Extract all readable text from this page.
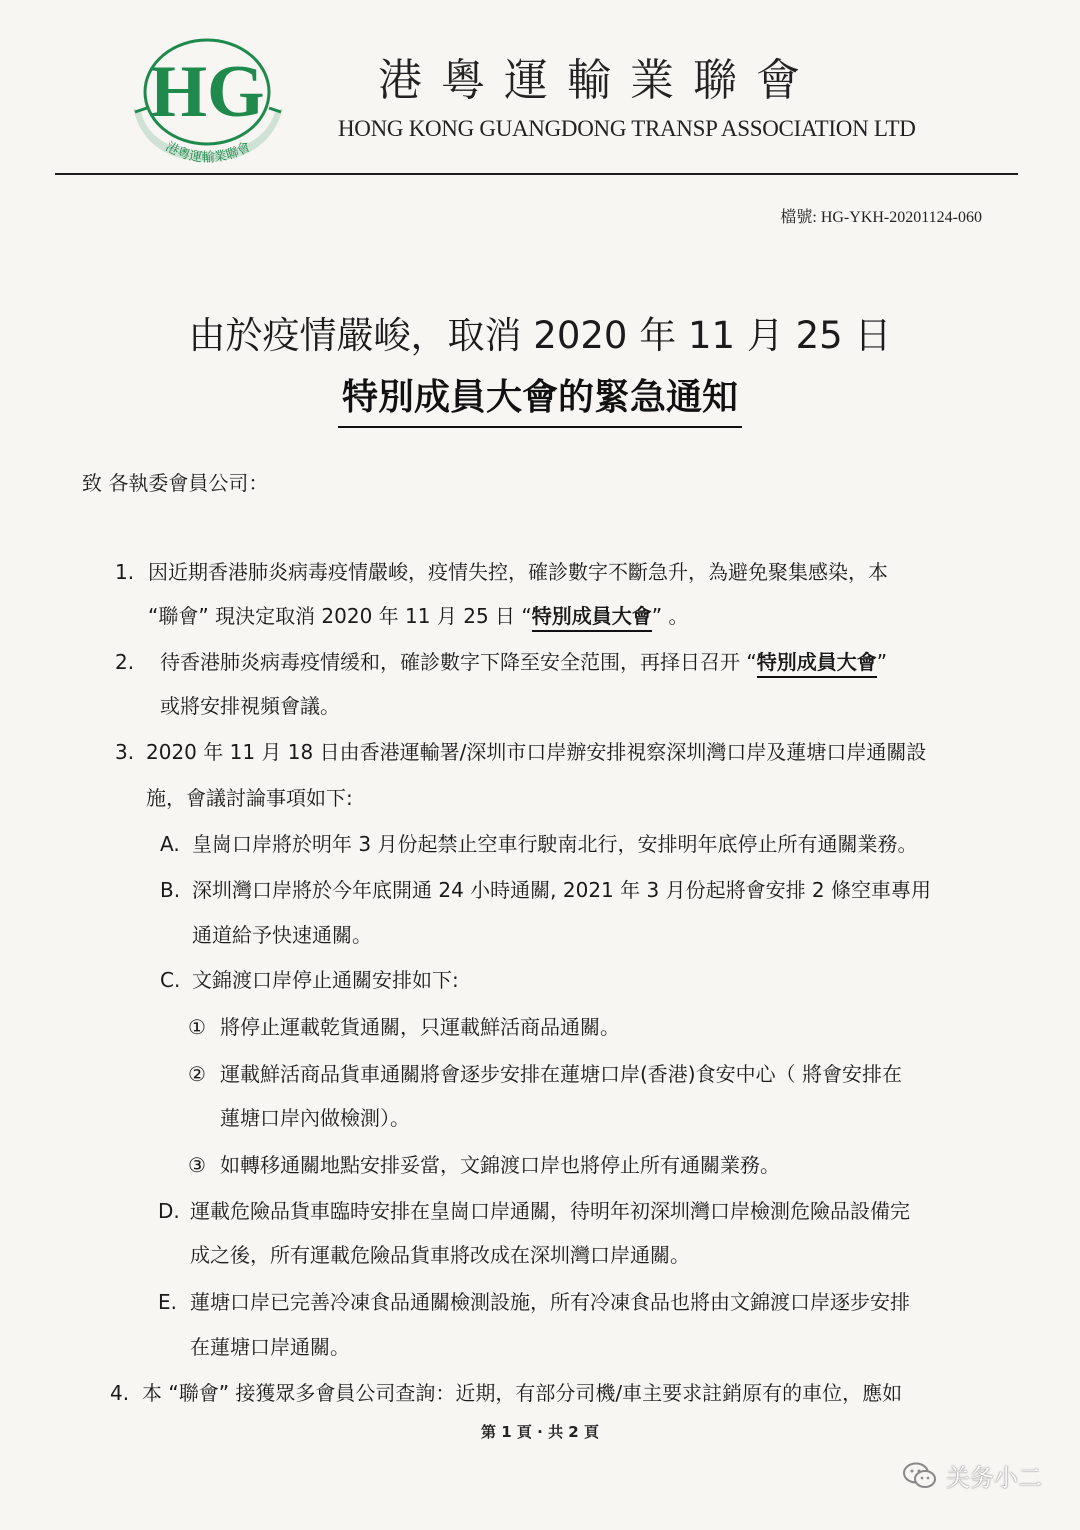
HG
港粵運輸業聯會
港粵運輸業聯會
HONG KONG GUANGDONG TRANSP ASSOCIATION LTD
檔號: HG-YKH-20201124-060
由於疫情嚴峻，取消 2020 年 11 月 25 日
特別成員大會的緊急通知
致 各執委會員公司：
1. 因近期香港肺炎病毒疫情嚴峻，疫情失控，確診數字不斷急升，為避免聚集感染，本
“聯會” 現決定取消 2020 年 11 月 25 日 “特別成員大會” 。
2. 待香港肺炎病毒疫情缓和，確診數字下降至安全范围，再择日召开 “特別成員大會”
或將安排視頻會議。
3. 2020 年 11 月 18 日由香港運輸署/深圳市口岸辦安排視察深圳灣口岸及蓮塘口岸通關設
施，會議討論事項如下:
A. 皇崗口岸將於明年 3 月份起禁止空車行駛南北行，安排明年底停止所有通關業務。
B. 深圳灣口岸將於今年底開通 24 小時通關, 2021 年 3 月份起將會安排 2 條空車專用
通道給予快速通關。
C. 文錦渡口岸停止通關安排如下:
① 將停止運載乾貨通關，只運載鮮活商品通關。
② 運載鮮活商品貨車通關將會逐步安排在蓮塘口岸(香港)食安中心（ 將會安排在
蓮塘口岸內做檢測）。
③ 如轉移通關地點安排妥當，文錦渡口岸也將停止所有通關業務。
D. 運載危險品貨車臨時安排在皇崗口岸通關，待明年初深圳灣口岸檢測危險品設備完
成之後，所有運載危險品貨車將改成在深圳灣口岸通關。
E. 蓮塘口岸已完善冷凍食品通關檢測設施，所有冷凍食品也將由文錦渡口岸逐步安排
在蓮塘口岸通關。
4. 本 “聯會” 接獲眾多會員公司查詢：近期，有部分司機/車主要求註銷原有的車位，應如
第 1 頁 · 共 2 頁
关务小二
